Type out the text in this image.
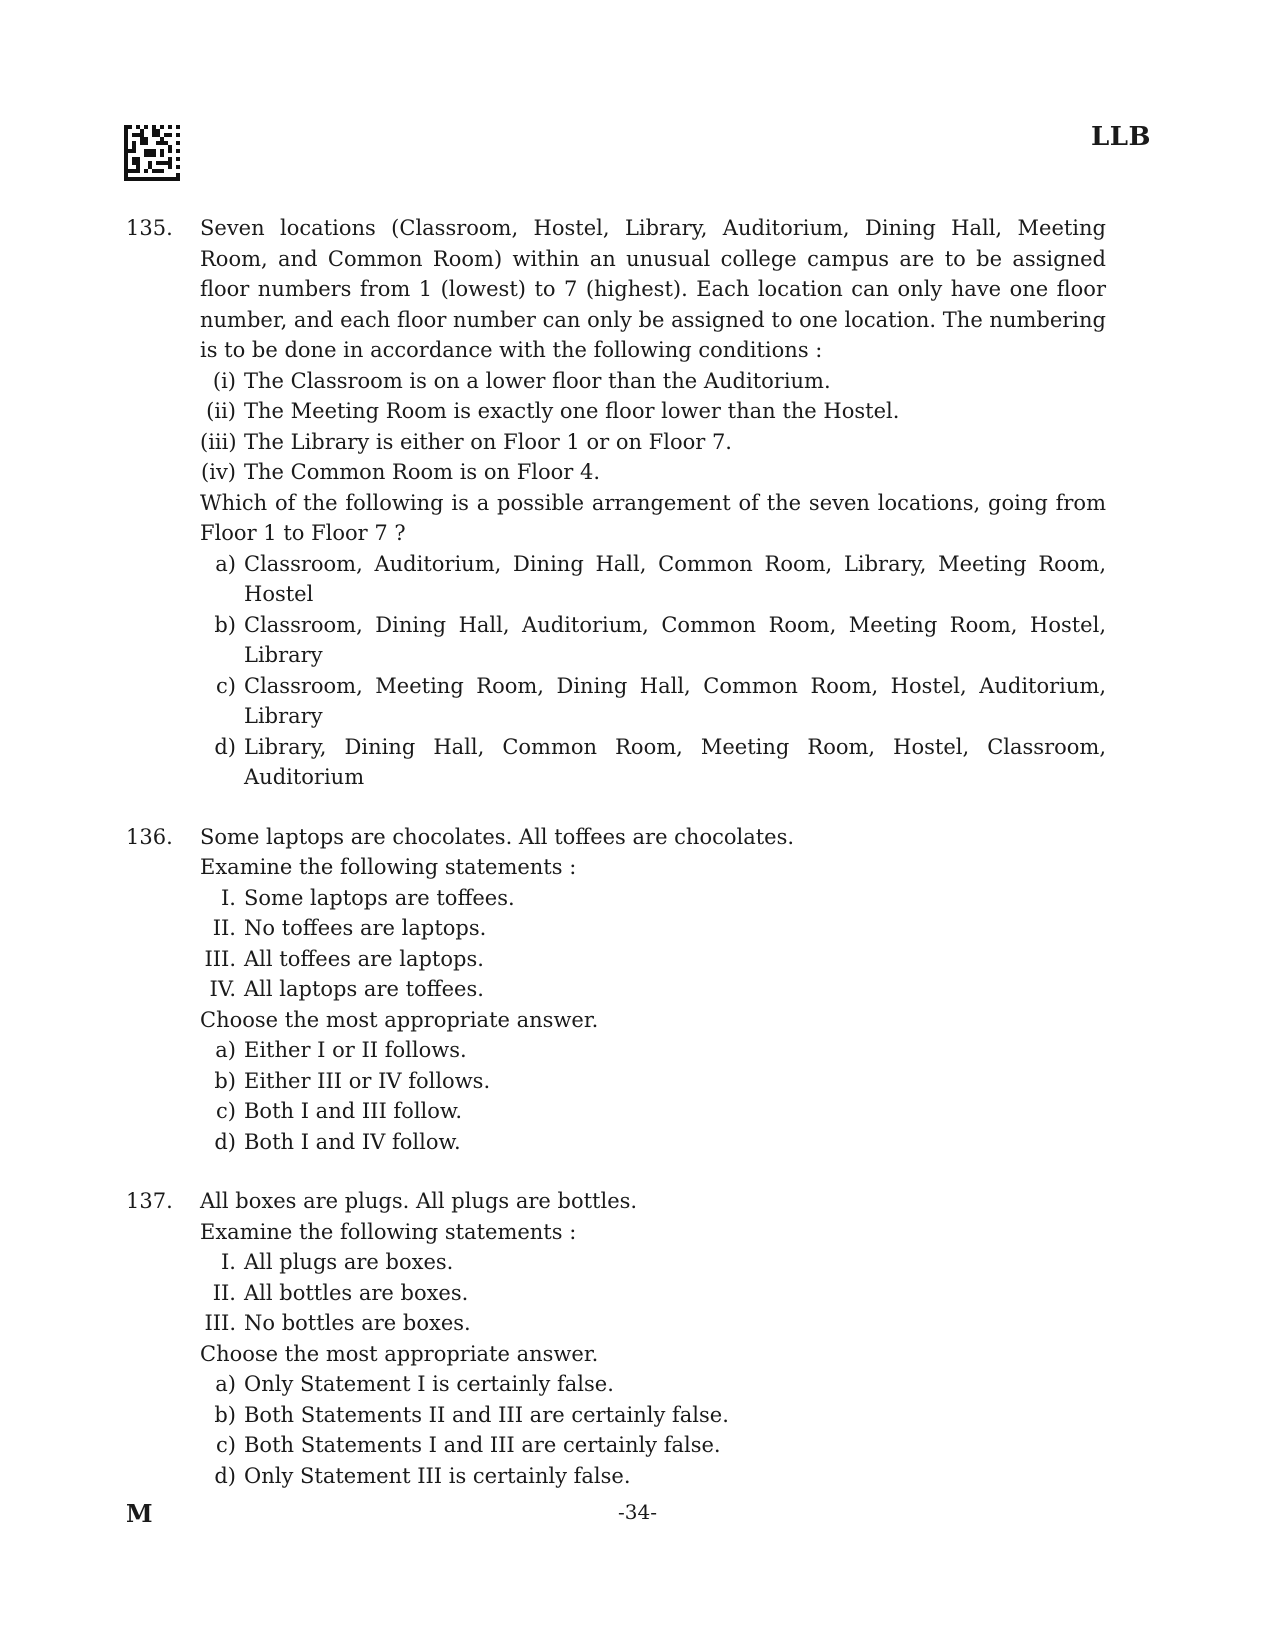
LLB
135. Seven locations (Classroom, Hostel, Library, Auditorium, Dining Hall, Meeting Room, and Common Room) within an unusual college campus are to be assigned floor numbers from 1 (lowest) to 7 (highest). Each location can only have one floor number, and each floor number can only be assigned to one location. The numbering is to be done in accordance with the following conditions :

(i) The Classroom is on a lower floor than the Auditorium.
(ii) The Meeting Room is exactly one floor lower than the Hostel.
(iii) The Library is either on Floor 1 or on Floor 7.
(iv) The Common Room is on Floor 4.

Which of the following is a possible arrangement of the seven locations, going from Floor 1 to Floor 7 ?

a) Classroom, Auditorium, Dining Hall, Common Room, Library, Meeting Room, Hostel
b) Classroom, Dining Hall, Auditorium, Common Room, Meeting Room, Hostel, Library
c) Classroom, Meeting Room, Dining Hall, Common Room, Hostel, Auditorium, Library
d) Library, Dining Hall, Common Room, Meeting Room, Hostel, Classroom, Auditorium
136. Some laptops are chocolates. All toffees are chocolates.

Examine the following statements :

I. Some laptops are toffees.
II. No toffees are laptops.
III. All toffees are laptops.
IV. All laptops are toffees.

Choose the most appropriate answer.

a) Either I or II follows.
b) Either III or IV follows.
c) Both I and III follow.
d) Both I and IV follow.
137. All boxes are plugs. All plugs are bottles.

Examine the following statements :

I. All plugs are boxes.
II. All bottles are boxes.
III. No bottles are boxes.

Choose the most appropriate answer.

a) Only Statement I is certainly false.
b) Both Statements II and III are certainly false.
c) Both Statements I and III are certainly false.
d) Only Statement III is certainly false.
M	-34-
